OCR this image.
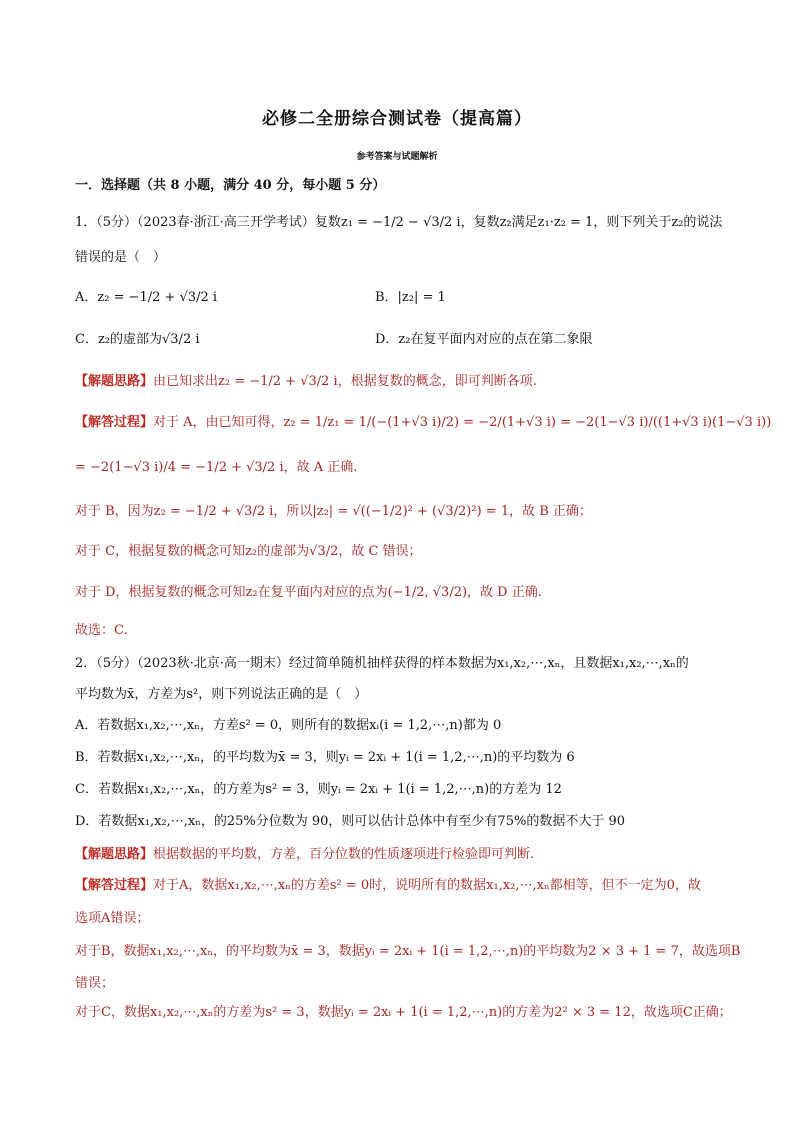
必修二全册综合测试卷（提高篇）
参考答案与试题解析
一．选择题（共 8 小题，满分 40 分，每小题 5 分）
1．（5分）（2023春·浙江·高三开学考试）复数z₁ = −1/2 − √3/2 i，复数z₂满足z₁·z₂ = 1，则下列关于z₂的说法
错误的是（　）
A．z₂ = −1/2 + √3/2 i	B．|z₂| = 1
C．z₂的虚部为√3/2 i	D．z₂在复平面内对应的点在第二象限
【解题思路】由已知求出z₂ = −1/2 + √3/2 i，根据复数的概念，即可判断各项.
【解答过程】对于 A，由已知可得，z₂ = 1/z₁ = 1/(−(1+√3 i)/2) = −2/(1+√3 i) = −2(1−√3 i)/((1+√3 i)(1−√3 i))
= −2(1−√3 i)/4 = −1/2 + √3/2 i，故 A 正确.
对于 B，因为z₂ = −1/2 + √3/2 i，所以|z₂| = √((−1/2)² + (√3/2)²) = 1，故 B 正确；
对于 C，根据复数的概念可知z₂的虚部为√3/2，故 C 错误；
对于 D，根据复数的概念可知z₂在复平面内对应的点为(−1/2, √3/2)，故 D 正确.
故选：C.
2．（5分）（2023秋·北京·高一期末）经过简单随机抽样获得的样本数据为x₁,x₂,⋯,xₙ，且数据x₁,x₂,⋯,xₙ的
平均数为x̄，方差为s²，则下列说法正确的是（　）
A．若数据x₁,x₂,⋯,xₙ，方差s² = 0，则所有的数据xᵢ(i = 1,2,⋯,n)都为 0
B．若数据x₁,x₂,⋯,xₙ，的平均数为x̄ = 3，则yᵢ = 2xᵢ + 1(i = 1,2,⋯,n)的平均数为 6
C．若数据x₁,x₂,⋯,xₙ，的方差为s² = 3，则yᵢ = 2xᵢ + 1(i = 1,2,⋯,n)的方差为 12
D．若数据x₁,x₂,⋯,xₙ，的25%分位数为 90，则可以估计总体中有至少有75%的数据不大于 90
【解题思路】根据数据的平均数，方差，百分位数的性质逐项进行检验即可判断.
【解答过程】对于A，数据x₁,x₂,⋯,xₙ的方差s² = 0时，说明所有的数据x₁,x₂,⋯,xₙ都相等，但不一定为0，故
选项A错误；
对于B，数据x₁,x₂,⋯,xₙ，的平均数为x̄ = 3，数据yᵢ = 2xᵢ + 1(i = 1,2,⋯,n)的平均数为2 × 3 + 1 = 7，故选项B
错误；
对于C，数据x₁,x₂,⋯,xₙ的方差为s² = 3，数据yᵢ = 2xᵢ + 1(i = 1,2,⋯,n)的方差为2² × 3 = 12，故选项C正确；
